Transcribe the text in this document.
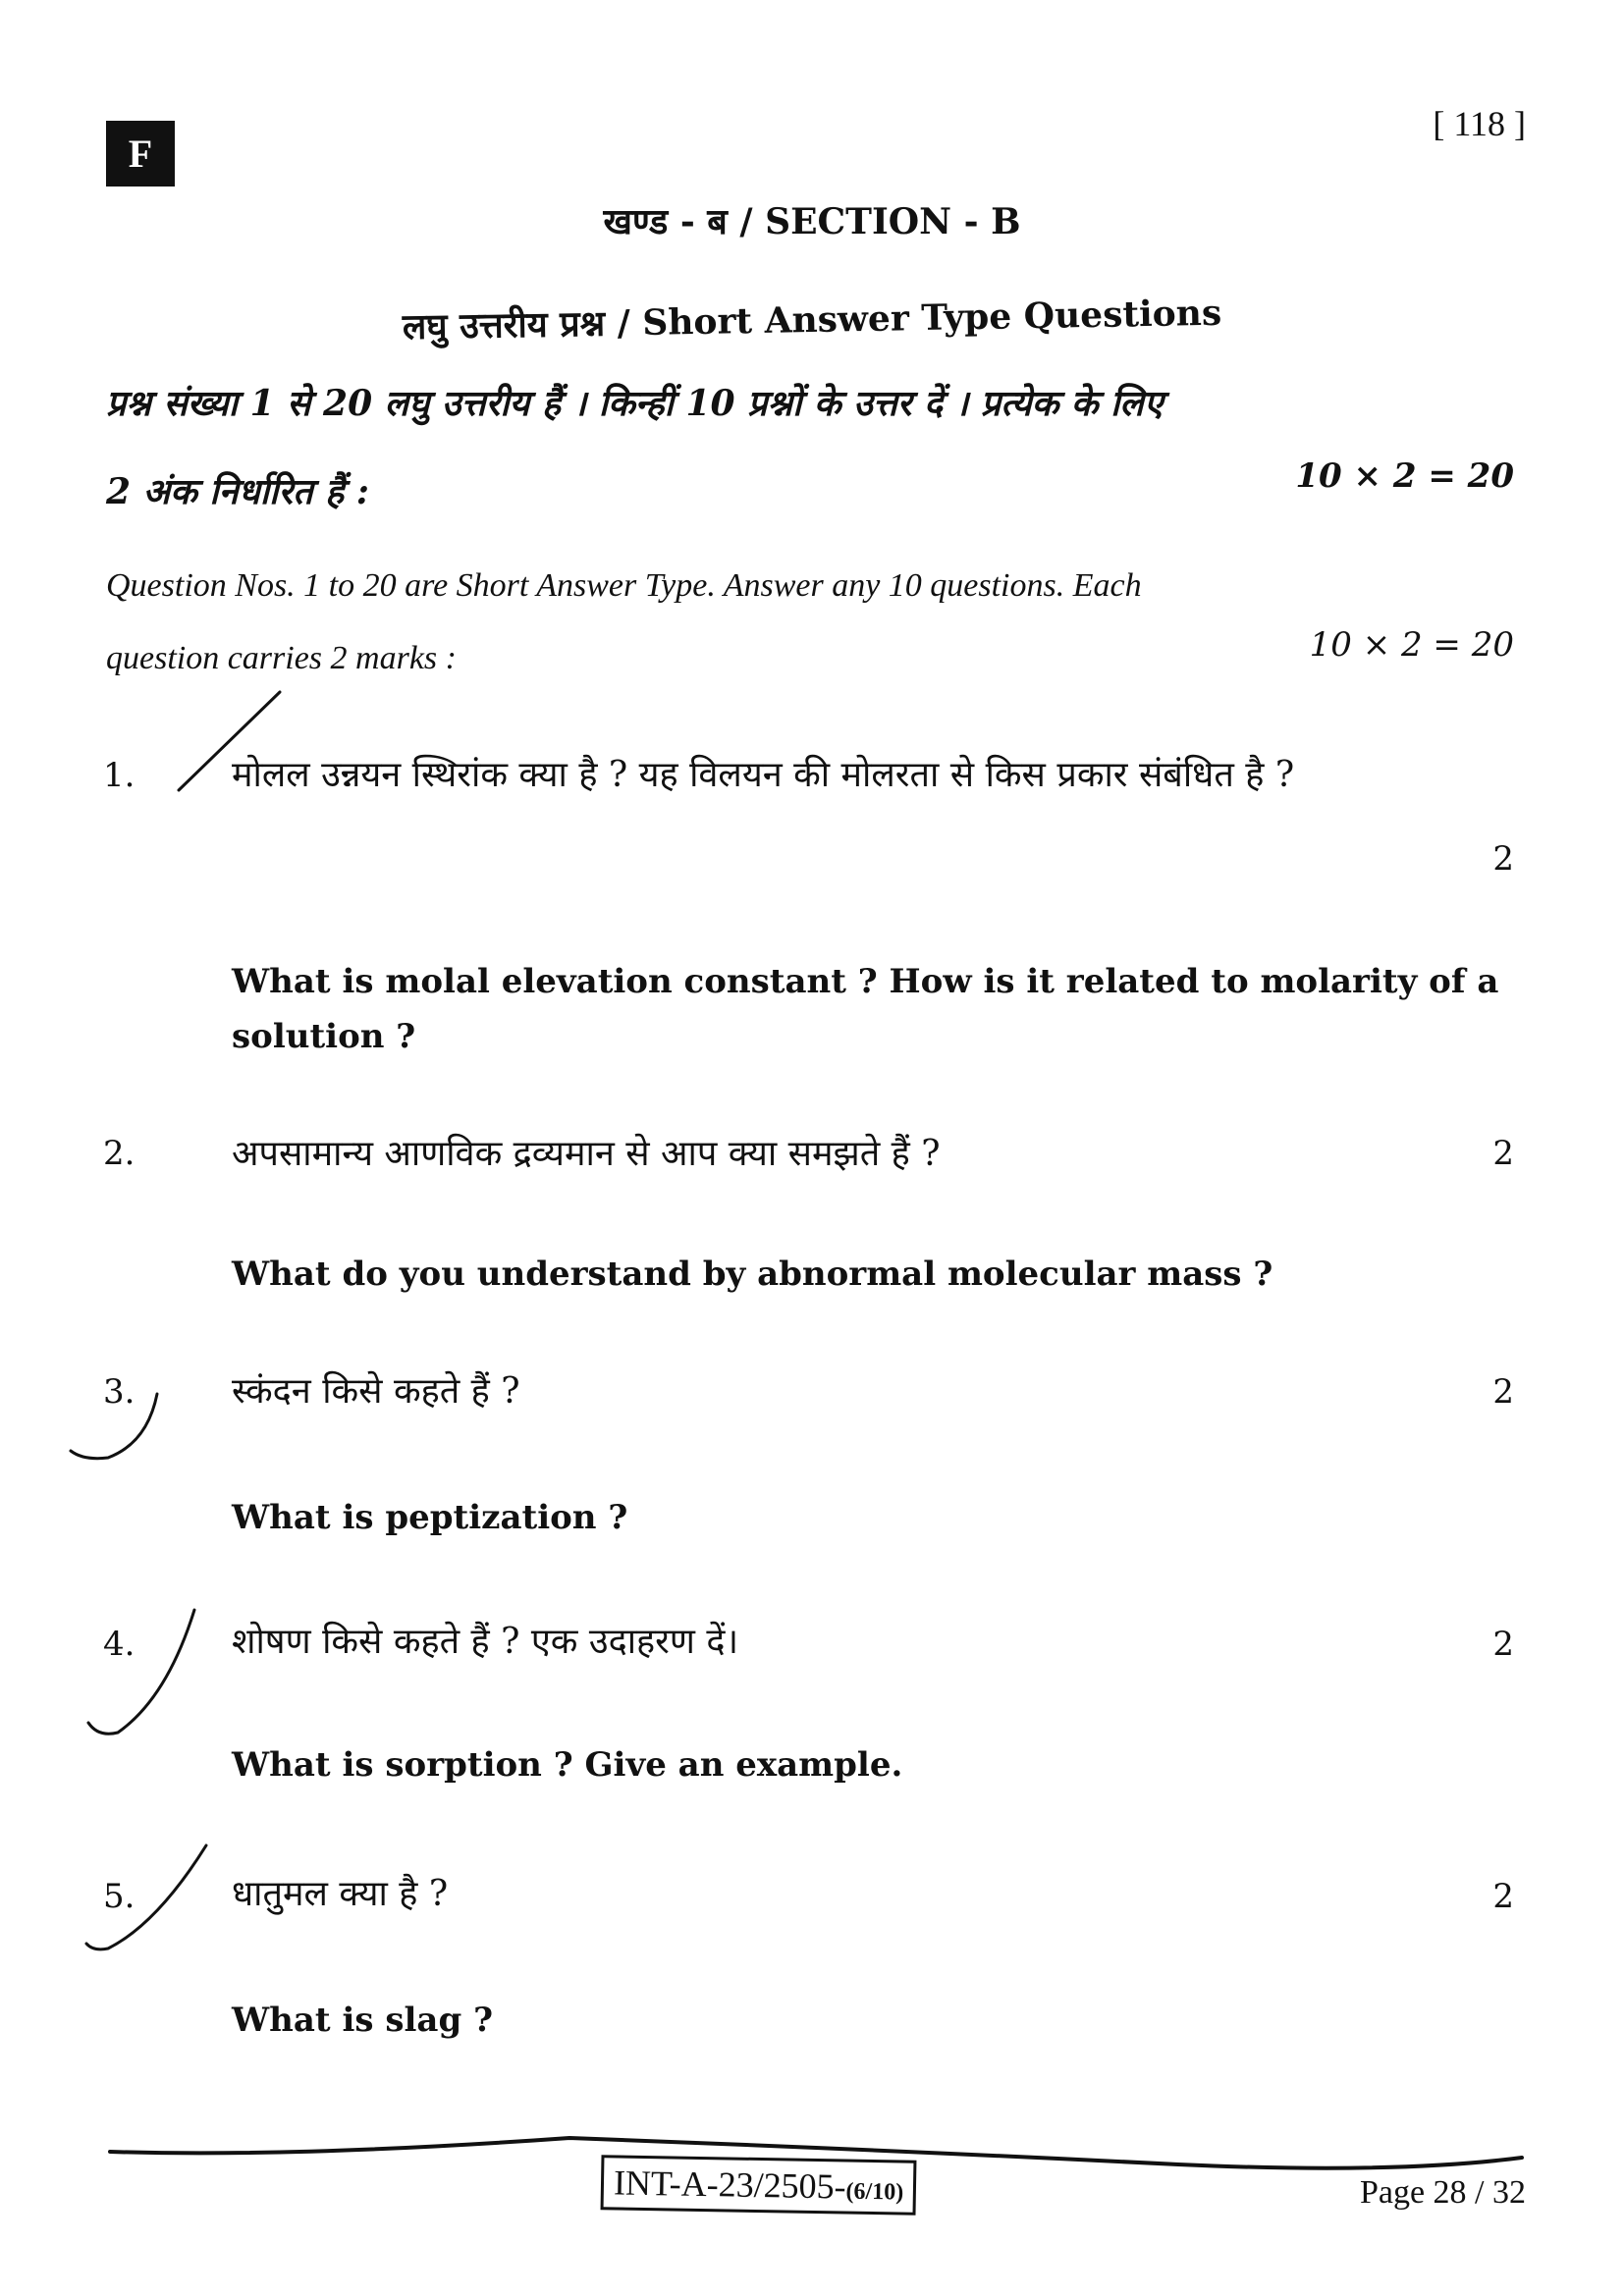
F
[ 118 ]
खण्ड - ब / SECTION - B
लघु उत्तरीय प्रश्न / Short Answer Type Questions
प्रश्न संख्या 1 से 20 लघु उत्तरीय हैं । किन्हीं 10 प्रश्नों के उत्तर दें । प्रत्येक के लिए
2 अंक निर्धारित हैं :	10 × 2 = 20
Question Nos. 1 to 20 are Short Answer Type. Answer any 10 questions. Each
question carries 2 marks :	10 × 2 = 20
1.	मोलल उन्नयन स्थिरांक क्या है ? यह विलयन की मोलरता से किस प्रकार संबंधित है ?
2
What is molal elevation constant ? How is it related to molarity of a solution ?
2.	अपसामान्य आणविक द्रव्यमान से आप क्या समझते हैं ?	2
What do you understand by abnormal molecular mass ?
3.	स्कंदन किसे कहते हैं ?	2
What is peptization ?
4.	शोषण किसे कहते हैं ? एक उदाहरण दें।	2
What is sorption ? Give an example.
5.	धातुमल क्या है ?	2
What is slag ?
INT-A-23/2505-(6/10)	Page 28 / 32
